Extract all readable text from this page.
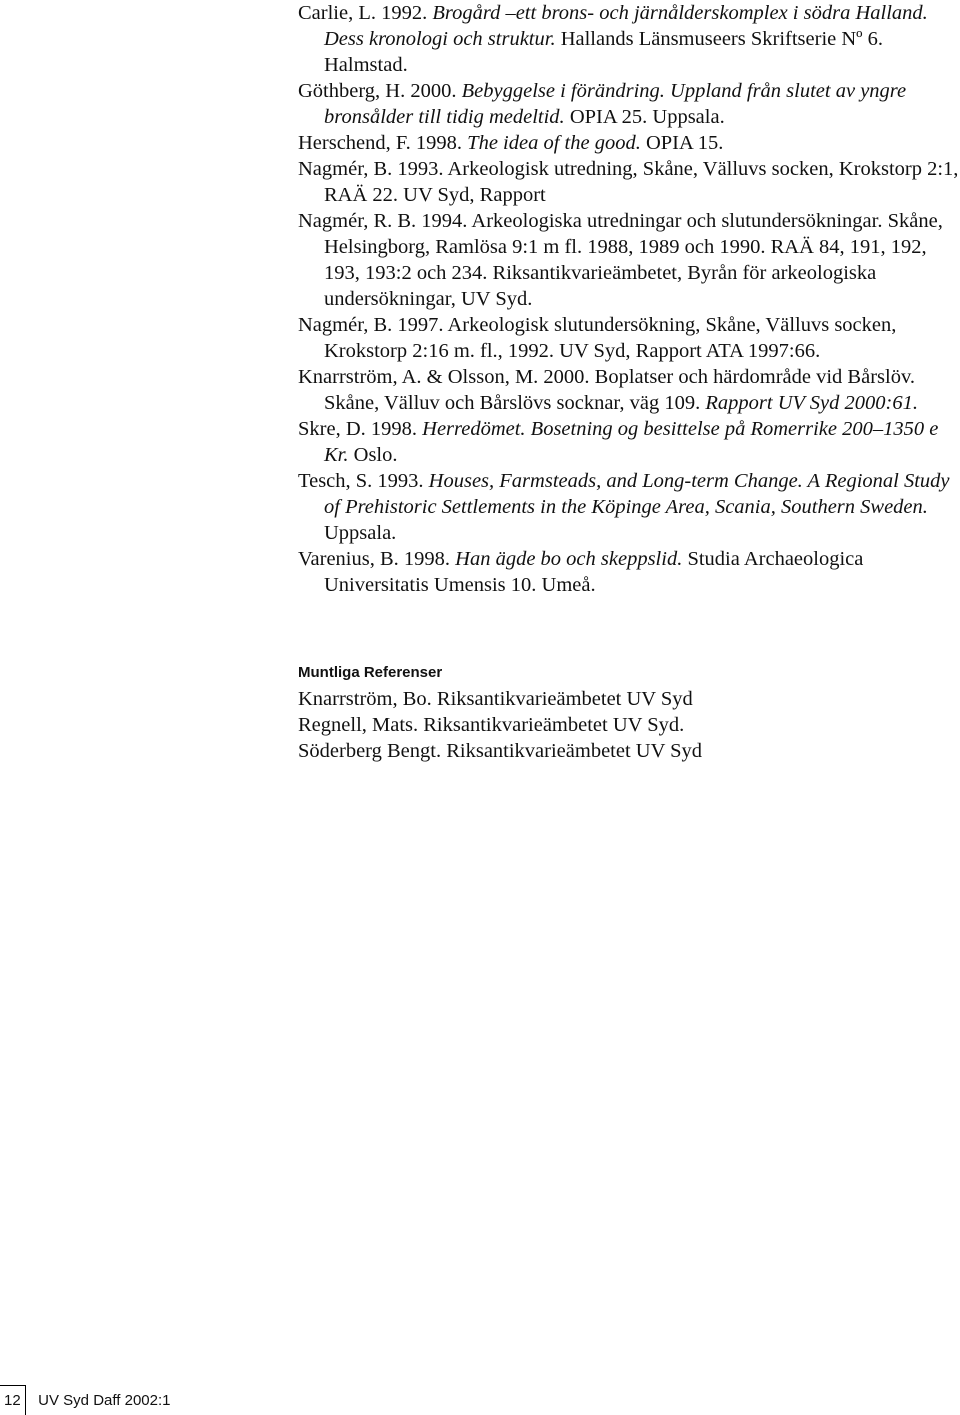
Carlie, L. 1992. Brogård –ett brons- och järnålderskomplex i södra Halland. Dess kronologi och struktur. Hallands Länsmuseers Skriftserie Nº 6. Halmstad.

Göthberg, H. 2000. Bebyggelse i förändring. Uppland från slutet av yngre bronsålder till tidig medeltid. OPIA 25. Uppsala.

Herschend, F. 1998. The idea of the good. OPIA 15.

Nagmér, B. 1993. Arkeologisk utredning, Skåne, Välluvs socken, Krokstorp 2:1, RAÄ 22. UV Syd, Rapport

Nagmér, R. B. 1994. Arkeologiska utredningar och slutundersökningar. Skåne, Helsingborg, Ramlösa 9:1 m fl. 1988, 1989 och 1990. RAÄ 84, 191, 192, 193, 193:2 och 234. Riksantikvarieämbetet, Byrån för arkeologiska undersökningar, UV Syd.

Nagmér, B. 1997. Arkeologisk slutundersökning, Skåne, Välluvs socken, Krokstorp 2:16 m. fl., 1992. UV Syd, Rapport ATA 1997:66.

Knarrström, A. & Olsson, M. 2000. Boplatser och härdområde vid Bårslöv. Skåne, Välluv och Bårslövs socknar, väg 109. Rapport UV Syd 2000:61.

Skre, D. 1998. Herredömet. Bosetning og besittelse på Romerrike 200–1350 e Kr. Oslo.

Tesch, S. 1993. Houses, Farmsteads, and Long-term Change. A Regional Study of Prehistoric Settlements in the Köpinge Area, Scania, Southern Sweden. Uppsala.

Varenius, B. 1998. Han ägde bo och skeppslid. Studia Archaeologica Universitatis Umensis 10. Umeå.

Muntliga Referenser
Knarrström, Bo. Riksantikvarieämbetet UV Syd
Regnell, Mats. Riksantikvarieämbetet UV Syd.
Söderberg Bengt. Riksantikvarieämbetet UV Syd
12 UV Syd Daff 2002:1
